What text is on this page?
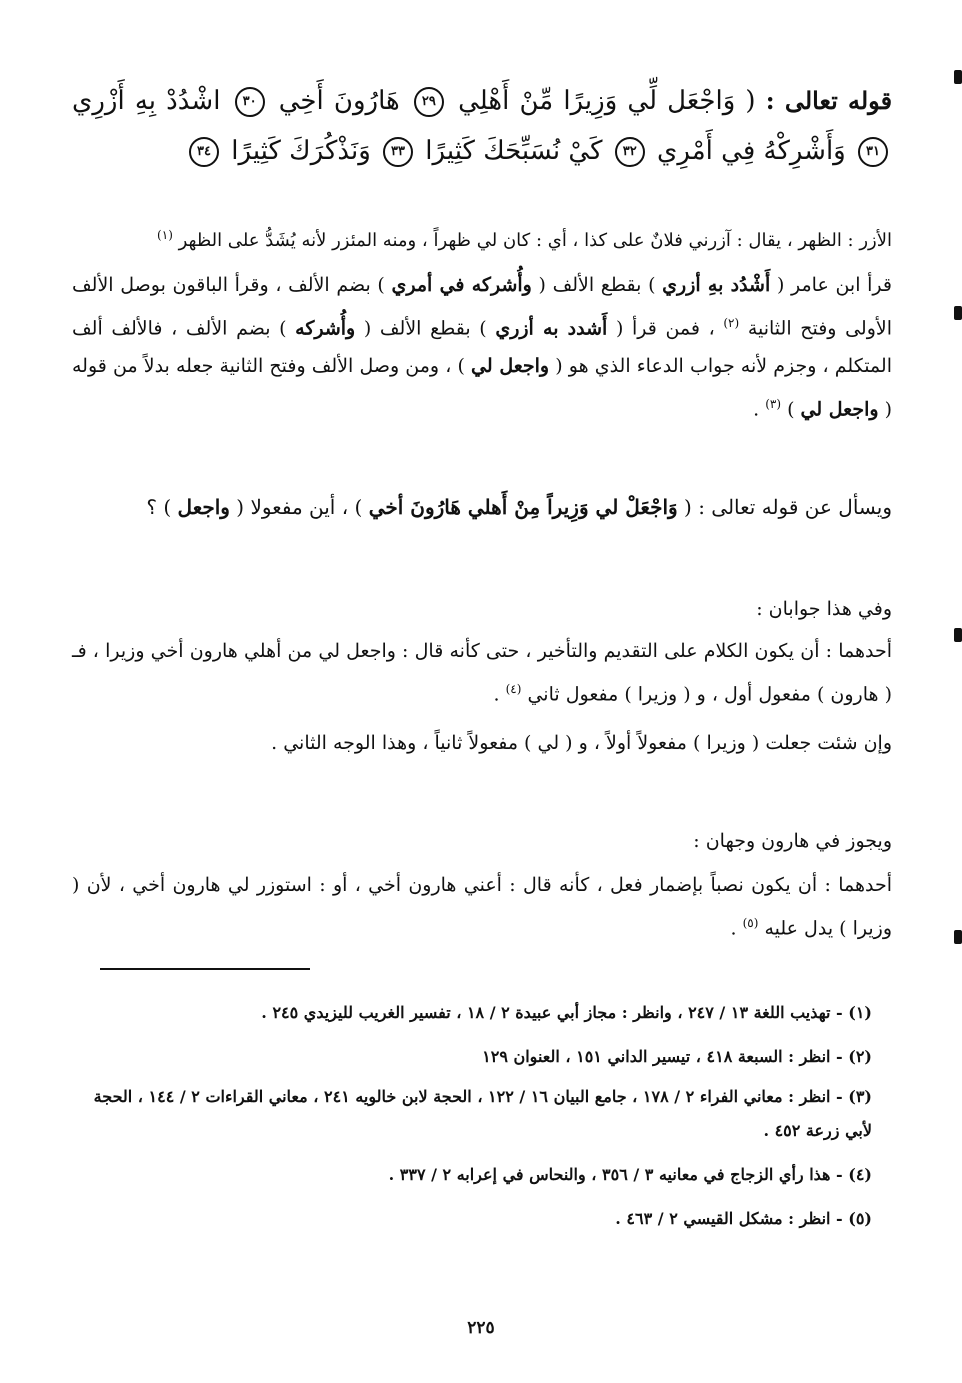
قوله تعالى : ( وَاجْعَل لِّي وَزِيرًا مِّنْ أَهْلِي ٢٩ هَارُونَ أَخِي ٣٠ اشْدُدْ بِهِ أَزْرِي ٣١ وَأَشْرِكْهُ فِي أَمْرِي ٣٢ كَيْ نُسَبِّحَكَ كَثِيرًا ٣٣ وَنَذْكُرَكَ كَثِيرًا ٣٤
الأزر : الظهر ، يقال : آزرني فلانٌ على كذا ، أي : كان لي ظهراً ، ومنه المئزر لأنه يُشَدُّ على الظهر $^{(١)}$
قرأ ابن عامر ( أَشْدُد بهِ أزري ) بقطع الألف ( وأُشركه في أمري ) بضم الألف ، وقرأ الباقون بوصل الألف الأولى وفتح الثانية $^{(٢)}$ ، فمن قرأ ( أَشدد به أزري ) بقطع الألف ( وأُشركه ) بضم الألف ، فالألف ألف المتكلم ، وجزم لأنه جواب الدعاء الذي هو ( واجعل لي ) ، ومن وصل الألف وفتح الثانية جعله بدلاً من قوله ( واجعل لي ) $^{(٣)}$ .
ويسأل عن قوله تعالى : ( وَاجْعَلْ لي وَزِيراً مِنْ أَهلي هَارُونَ أخي ) ، أين مفعولا ( واجعل ) ؟
وفي هذا جوابان :
أحدهما : أن يكون الكلام على التقديم والتأخير ، حتى كأنه قال : واجعل لي من أهلي هارون أخي وزيرا ، فـ ( هارون ) مفعول أول ، و ( وزيرا ) مفعول ثاني $^{(٤)}$ .
وإن شئت جعلت ( وزيرا ) مفعولاً أولاً ، و ( لي ) مفعولاً ثانياً ، وهذا الوجه الثاني .
ويجوز في هارون وجهان :
أحدهما : أن يكون نصباً بإضمار فعل ، كأنه قال : أعني هارون أخي ، أو : استوزر لي هارون أخي ، لأن ( وزيرا ) يدل عليه $^{(٥)}$ .
(١) - تهذيب اللغة ١٣ / ٢٤٧ ، وانظر : مجاز أبي عبيدة ٢ / ١٨ ، تفسير الغريب لليزيدي ٢٤٥ .
(٢) - انظر : السبعة ٤١٨ ، تيسير الداني ١٥١ ، العنوان ١٢٩
(٣) - انظر : معاني الفراء ٢ / ١٧٨ ، جامع البيان ١٦ / ١٢٢ ، الحجة لابن خالويه ٢٤١ ، معاني القراءات ٢ / ١٤٤ ، الحجة لأبي زرعة ٤٥٢ .
(٤) - هذا رأي الزجاج في معانيه ٣ / ٣٥٦ ، والنحاس في إعرابه ٢ / ٣٣٧ .
(٥) - انظر : مشكل القيسي ٢ / ٤٦٣ .
٢٢٥
